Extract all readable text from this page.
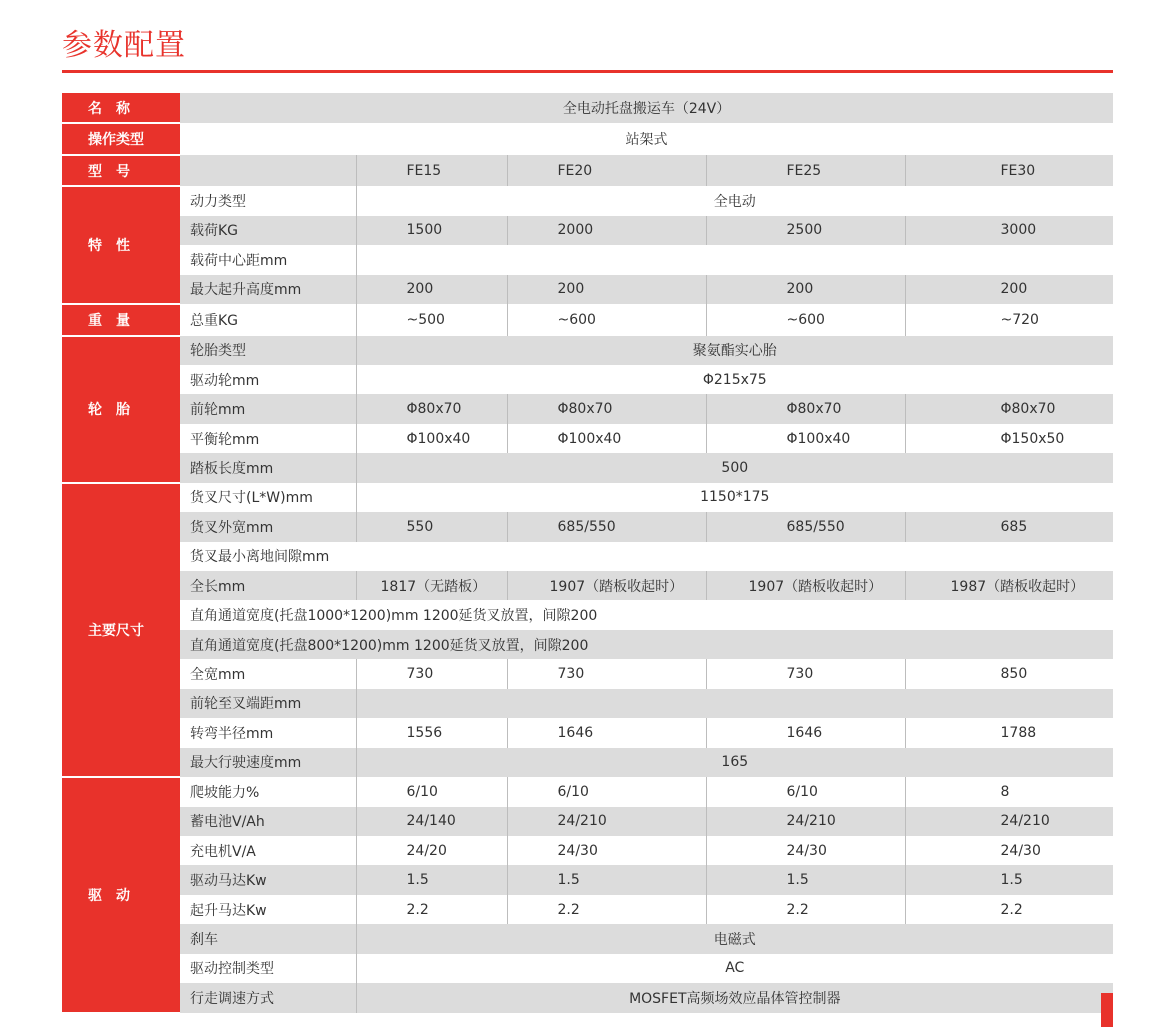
参数配置
名　称	全电动托盘搬运车（24V）				
操作类型	站架式				
型　号		FE15	FE20	FE25	FE30
特　性	动力类型	全电动			
	载荷KG	1500	2000	2500	3000
	载荷中心距mm				
	最大起升高度mm	200	200	200	200
重　量	总重KG	~500	~600	~600	~720
轮　胎	轮胎类型	聚氨酯实心胎			
	驱动轮mm	Φ215x75			
	前轮mm	Φ80x70	Φ80x70	Φ80x70	Φ80x70
	平衡轮mm	Φ100x40	Φ100x40	Φ100x40	Φ150x50
	踏板长度mm	500			
主要尺寸	货叉尺寸(L*W)mm	1150*175			
	货叉外宽mm	550	685/550	685/550	685
	货叉最小离地间隙mm				
	全长mm	1817（无踏板）	1907（踏板收起时）	1907（踏板收起时）	1987（踏板收起时）
	直角通道宽度(托盘1000*1200)mm 1200延货叉放置，间隙200				
	直角通道宽度(托盘800*1200)mm 1200延货叉放置，间隙200				
	全宽mm	730	730	730	850
	前轮至叉端距mm				
	转弯半径mm	1556	1646	1646	1788
	最大行驶速度mm	165			
驱　动	爬坡能力%	6/10	6/10	6/10	8
	蓄电池V/Ah	24/140	24/210	24/210	24/210
	充电机V/A	24/20	24/30	24/30	24/30
	驱动马达Kw	1.5	1.5	1.5	1.5
	起升马达Kw	2.2	2.2	2.2	2.2
	刹车	电磁式			
	驱动控制类型	AC			
	行走调速方式	MOSFET高频场效应晶体管控制器			
